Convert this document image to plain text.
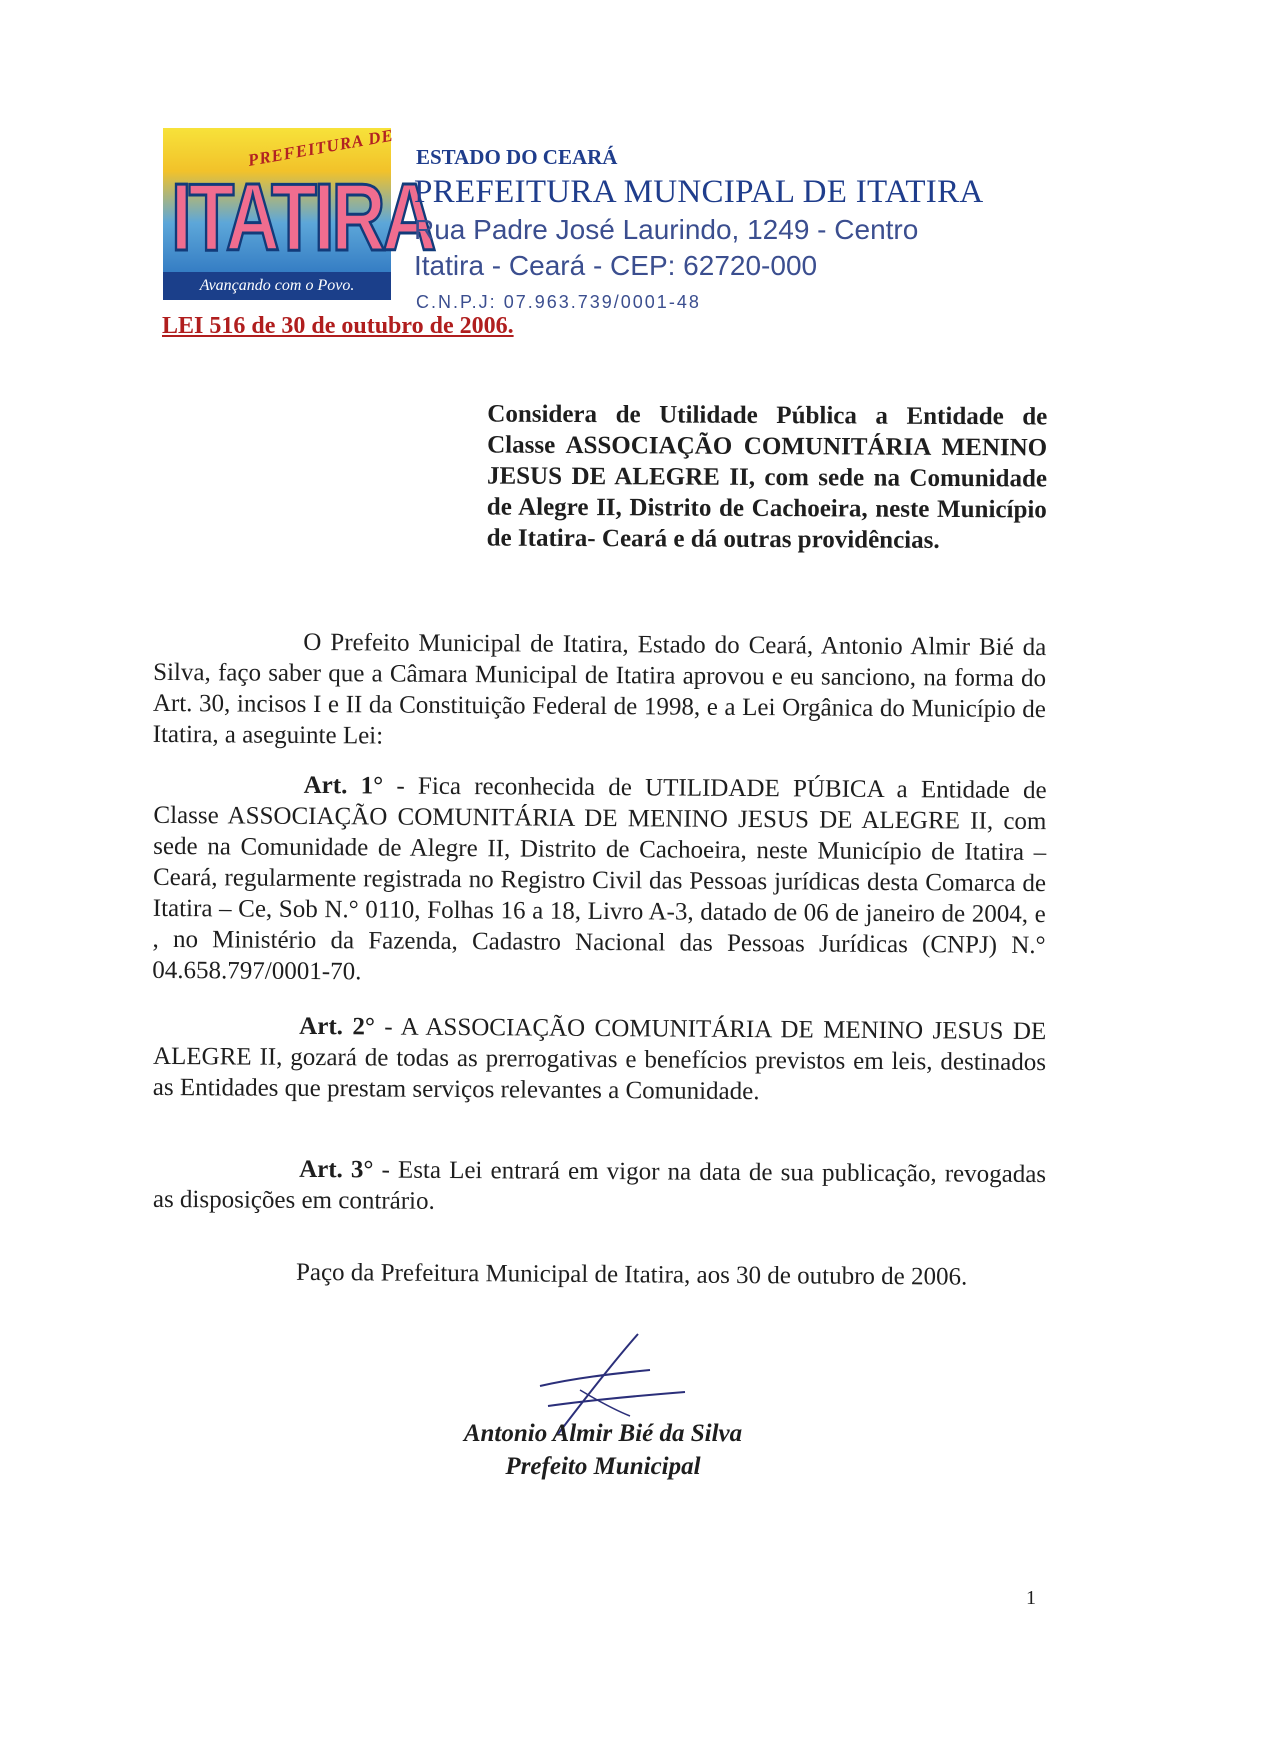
PREFEITURA DE
ITATIRA
Avançando com o Povo.
ESTADO DO CEARÁ
PREFEITURA MUNCIPAL DE ITATIRA
Rua Padre José Laurindo, 1249 - Centro
Itatira - Ceará - CEP: 62720-000
C.N.P.J: 07.963.739/0001-48
LEI 516 de 30 de outubro de 2006.
Considera de Utilidade Pública a Entidade de Classe ASSOCIAÇÃO COMUNITÁRIA MENINO JESUS DE ALEGRE II, com sede na Comunidade de Alegre II, Distrito de Cachoeira, neste Município de Itatira- Ceará e dá outras providências.
O Prefeito Municipal de Itatira, Estado do Ceará, Antonio Almir Bié da Silva, faço saber que a Câmara Municipal de Itatira aprovou e eu sanciono, na forma do Art. 30, incisos I e II da Constituição Federal de 1998, e a Lei Orgânica do Município de Itatira, a aseguinte Lei:
Art. 1° - Fica reconhecida de UTILIDADE PÚBICA a Entidade de Classe ASSOCIAÇÃO COMUNITÁRIA DE MENINO JESUS DE ALEGRE II, com sede na Comunidade de Alegre II, Distrito de Cachoeira, neste Município de Itatira – Ceará, regularmente registrada no Registro Civil das Pessoas jurídicas desta Comarca de Itatira – Ce, Sob N.° 0110, Folhas 16 a 18, Livro A-3, datado de 06 de janeiro de 2004, e , no Ministério da Fazenda, Cadastro Nacional das Pessoas Jurídicas (CNPJ) N.° 04.658.797/0001-70.
Art. 2° - A ASSOCIAÇÃO COMUNITÁRIA DE MENINO JESUS DE ALEGRE II, gozará de todas as prerrogativas e benefícios previstos em leis, destinados as Entidades que prestam serviços relevantes a Comunidade.
Art. 3° - Esta Lei entrará em vigor na data de sua publicação, revogadas as disposições em contrário.
Paço da Prefeitura Municipal de Itatira, aos 30 de outubro de 2006.
Antonio Almir Bié da Silva
Prefeito Municipal
1
